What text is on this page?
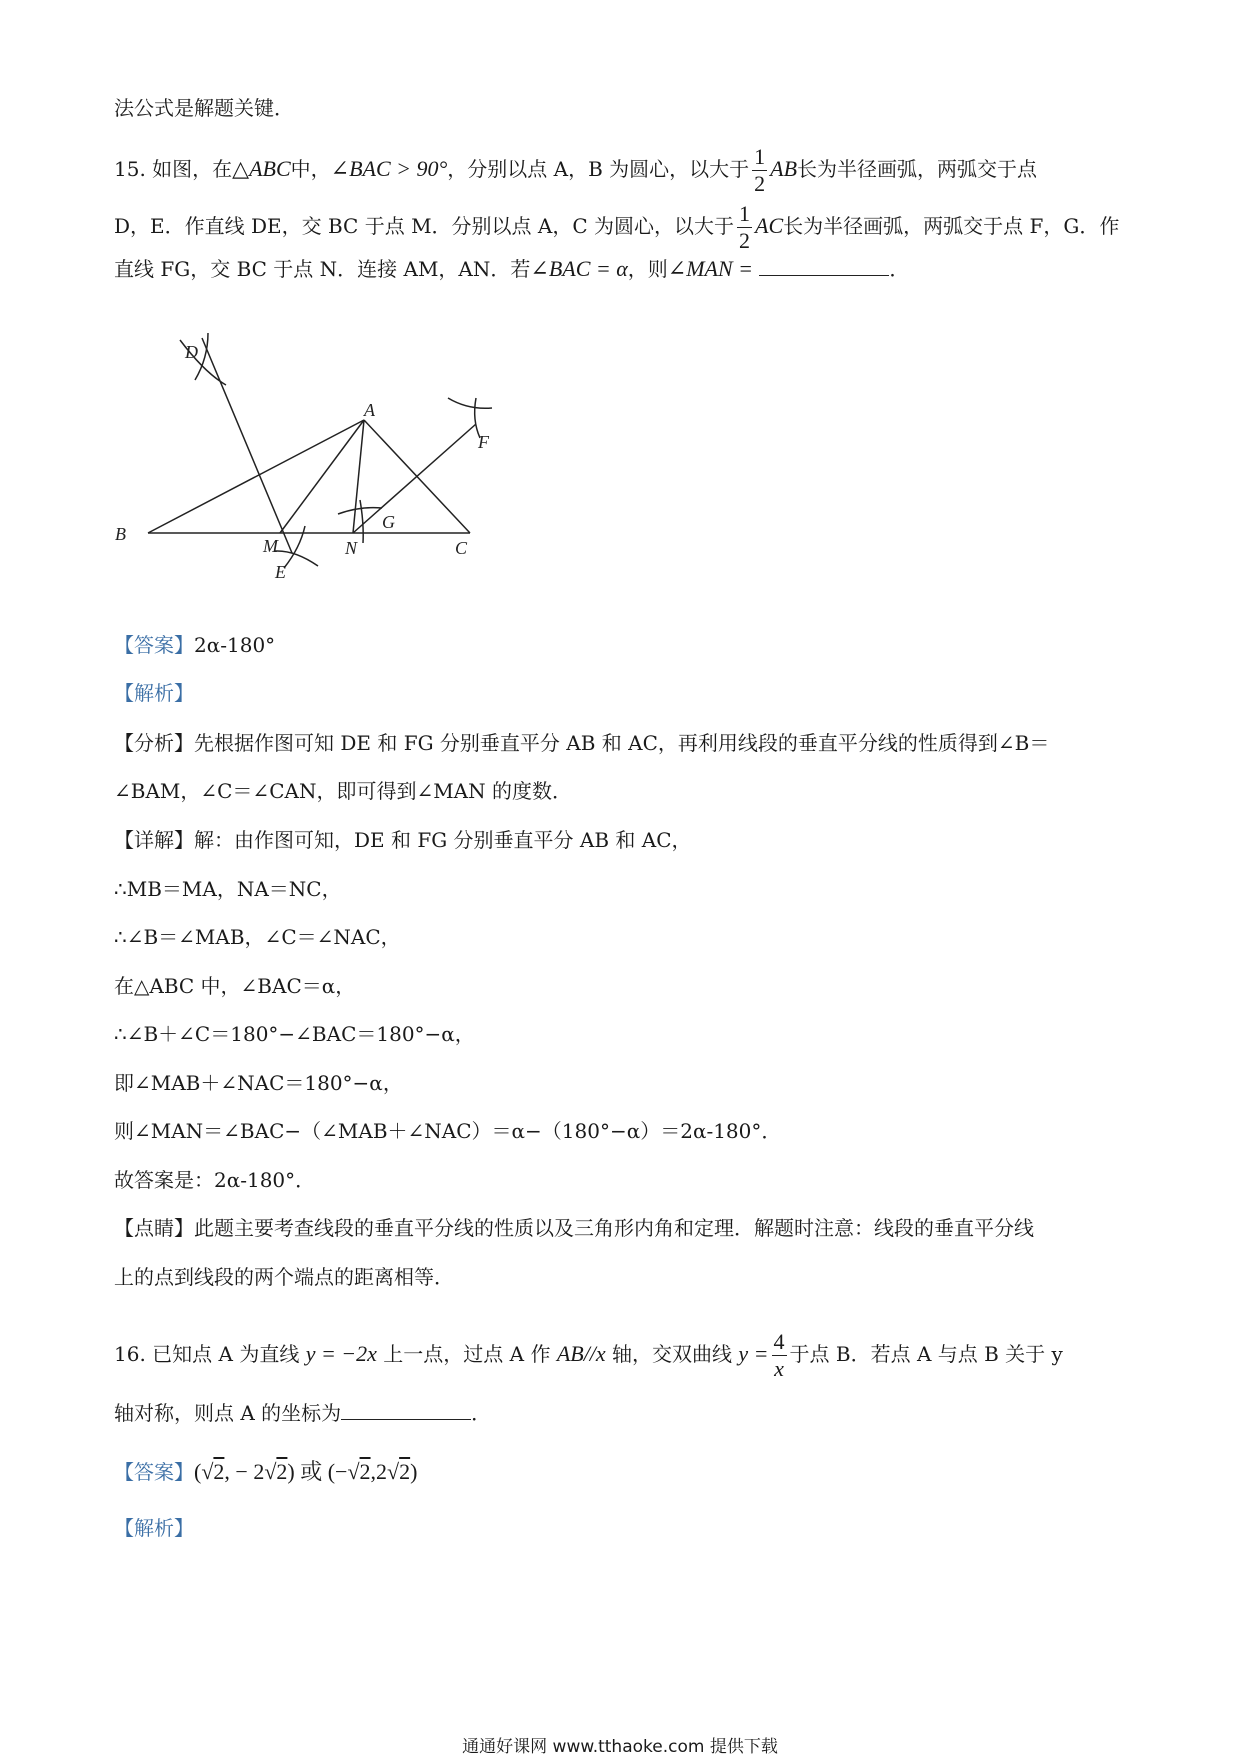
法公式是解题关键．
15. 如图，在△ABC中，∠BAC > 90°，分别以点 A，B 为圆心，以大于 $\frac{1}{2}$ AB长为半径画弧，两弧交于点
D，E．作直线 DE，交 BC 于点 M．分别以点 A，C 为圆心，以大于 $\frac{1}{2}$ AC长为半径画弧，两弧交于点 F，G．作
直线 FG，交 BC 于点 N．连接 AM，AN．若∠BAC = α，则∠MAN =	．
D
A
F
G
B
M	N	C
E
【答案】2α-180°
【解析】
【分析】先根据作图可知 DE 和 FG 分别垂直平分 AB 和 AC，再利用线段的垂直平分线的性质得到∠B＝
∠BAM，∠C＝∠CAN，即可得到∠MAN 的度数．
【详解】解：由作图可知，DE 和 FG 分别垂直平分 AB 和 AC，
∴MB＝MA，NA＝NC，
∴∠B＝∠MAB，∠C＝∠NAC，
在△ABC 中，∠BAC＝α，
∴∠B＋∠C＝180°−∠BAC＝180°−α，
即∠MAB＋∠NAC＝180°−α，
则∠MAN＝∠BAC−（∠MAB＋∠NAC）＝α−（180°−α）＝2α-180°．
故答案是：2α-180°．
【点睛】此题主要考查线段的垂直平分线的性质以及三角形内角和定理．解题时注意：线段的垂直平分线
上的点到线段的两个端点的距离相等．
16. 已知点 A 为直线 y = −2x 上一点，过点 A 作 AB//x 轴，交双曲线 $y = \frac{4}{x}$ 于点 B．若点 A 与点 B 关于 y
轴对称，则点 A 的坐标为	．
【答案】(√2, − 2√2) 或 (−√2,2√2)
【解析】
通通好课网 www.tthaoke.com 提供下载
